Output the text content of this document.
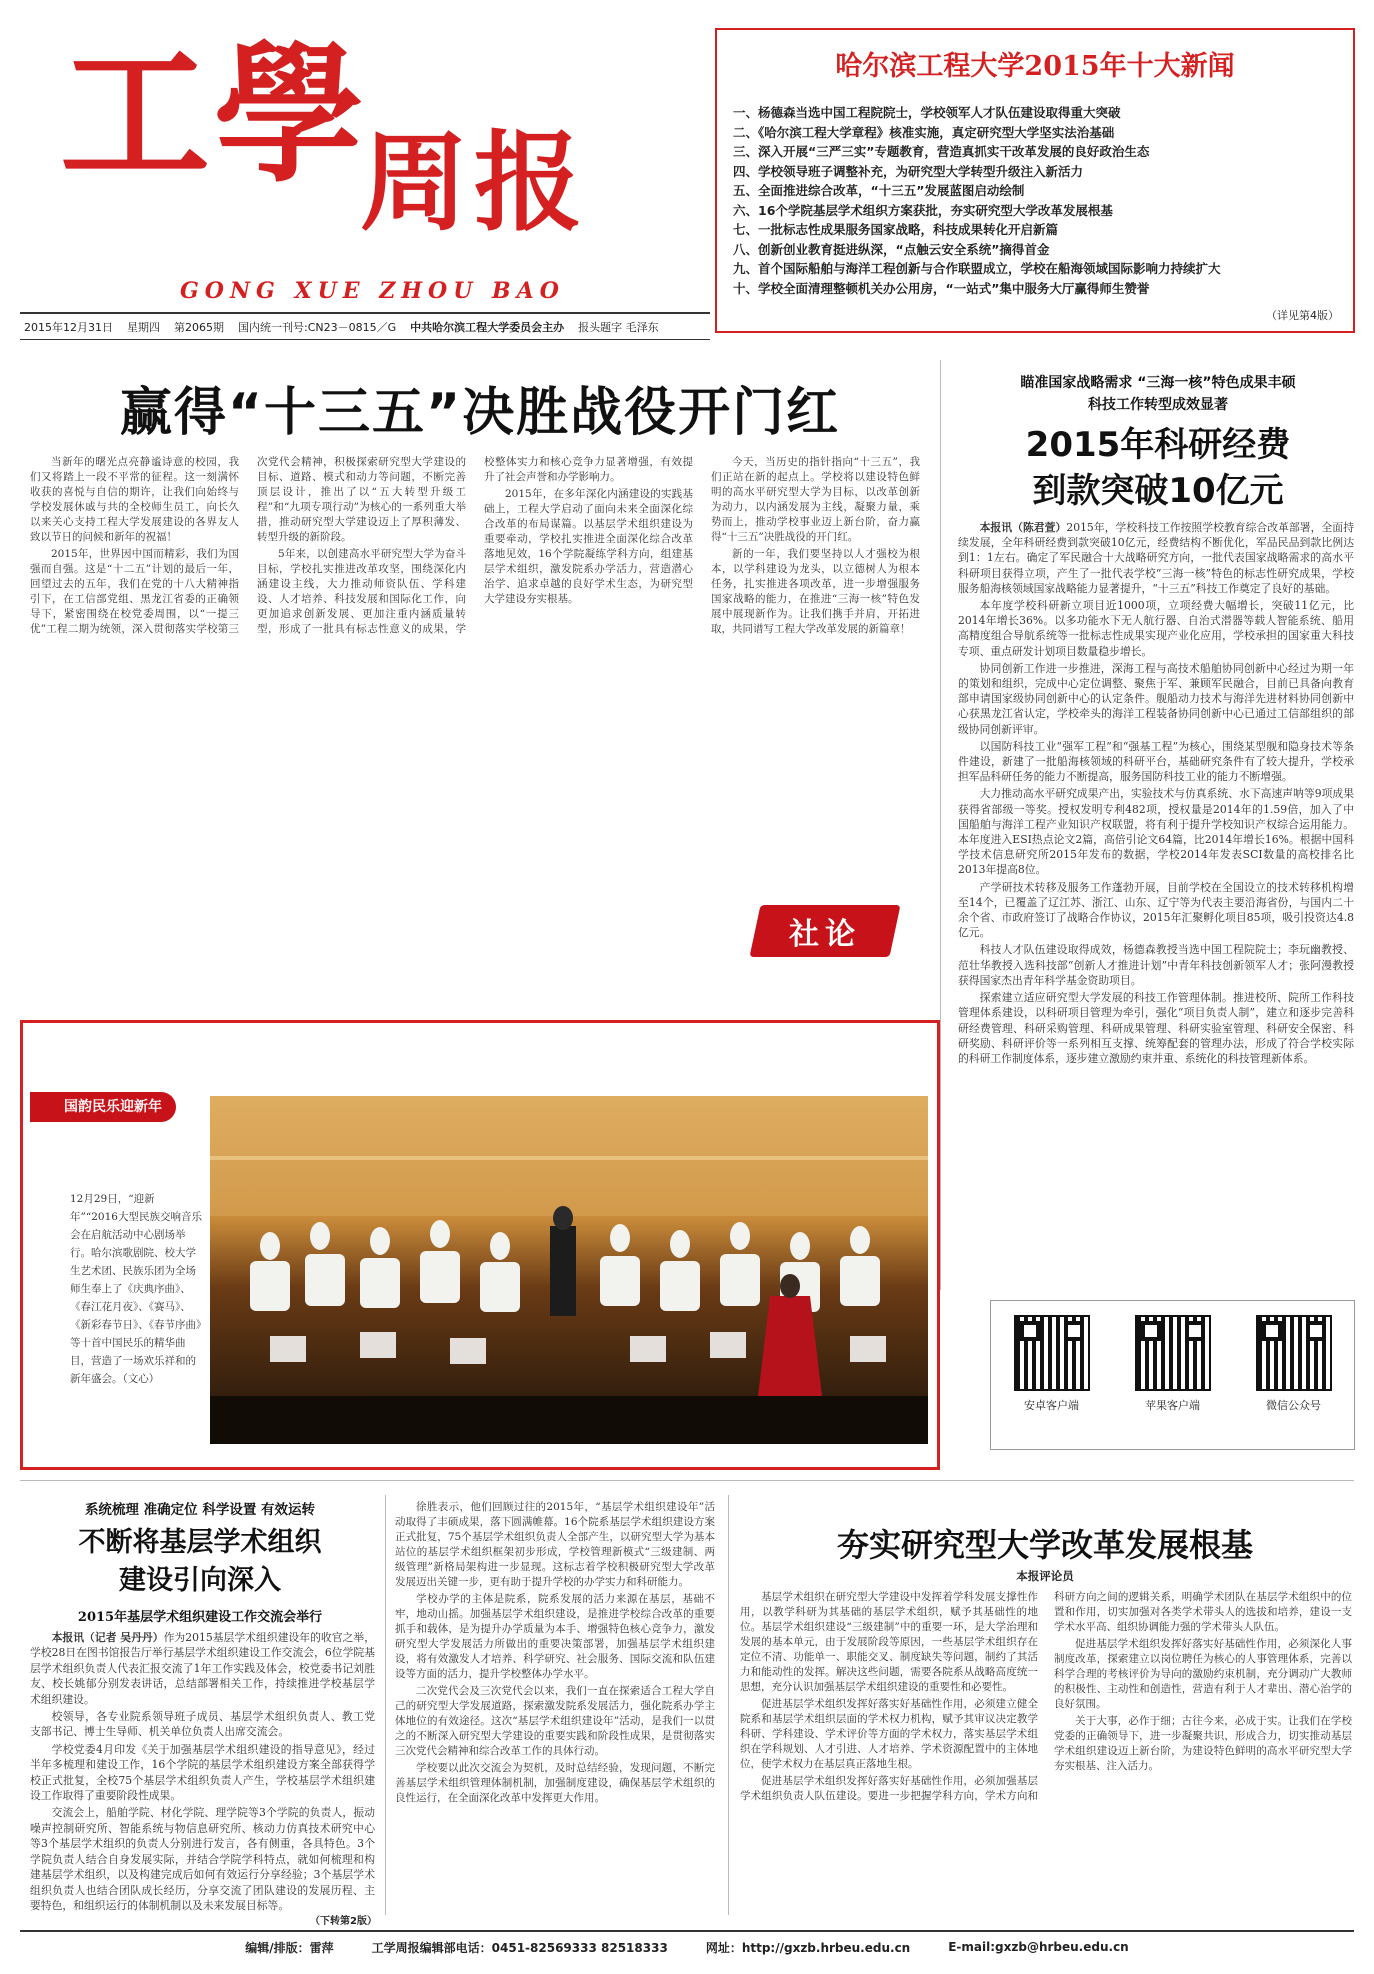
工學
周报
GONG XUE ZHOU BAO
2015年12月31日 星期四 第2065期 国内统一刊号:CN23－0815／G 中共哈尔滨工程大学委员会主办 报头题字 毛泽东
哈尔滨工程大学2015年十大新闻
一、杨德森当选中国工程院院士，学校领军人才队伍建设取得重大突破
二、《哈尔滨工程大学章程》核准实施，真定研究型大学坚实法治基础
三、深入开展“三严三实”专题教育，营造真抓实干改革发展的良好政治生态
四、学校领导班子调整补充，为研究型大学转型升级注入新活力
五、全面推进综合改革，“十三五”发展蓝图启动绘制
六、16个学院基层学术组织方案获批，夯实研究型大学改革发展根基
七、一批标志性成果服务国家战略，科技成果转化开启新篇
八、创新创业教育挺进纵深，“点触云安全系统”摘得首金
九、首个国际船舶与海洋工程创新与合作联盟成立，学校在船海领域国际影响力持续扩大
十、学校全面清理整顿机关办公用房，“一站式”集中服务大厅赢得师生赞誉
（详见第4版）
赢得“十三五”决胜战役开门红

当新年的曙光点亮静谧诗意的校园，我们又将踏上一段不平常的征程。这一刻满怀收获的喜悦与自信的期许，让我们向始终与学校发展休戚与共的全校师生员工，向长久以来关心支持工程大学发展建设的各界友人致以节日的问候和新年的祝福！

2015年，世界因中国而精彩，我们为国强而自强。这是“十二五”计划的最后一年，回望过去的五年，我们在党的十八大精神指引下，在工信部党组、黑龙江省委的正确领导下，紧密围绕在校党委周围，以“一提三优”工程二期为统领，深入贯彻落实学校第三次党代会精神，积极探索研究型大学建设的目标、道路、模式和动力等问题，不断完善顶层设计，推出了以“五大转型升级工程”和“九项专项行动”为核心的一系列重大举措，推动研究型大学建设迈上了厚积薄发、转型升级的新阶段。

5年来，以创建高水平研究型大学为奋斗目标，学校扎实推进改革攻坚，围绕深化内涵建设主线，大力推动师资队伍、学科建设、人才培养、科技发展和国际化工作，向更加追求创新发展、更加注重内涵质量转型，形成了一批具有标志性意义的成果，学校整体实力和核心竞争力显著增强，有效提升了社会声誉和办学影响力。

2015年，在多年深化内涵建设的实践基础上，工程大学启动了面向未来全面深化综合改革的布局谋篇。以基层学术组织建设为重要牵动，学校扎实推进全面深化综合改革落地见效，16个学院凝练学科方向，组建基层学术组织，激发院系办学活力，营造潜心治学、追求卓越的良好学术生态，为研究型大学建设夯实根基。

今天，当历史的指针指向“十三五”，我们正站在新的起点上。学校将以建设特色鲜明的高水平研究型大学为目标，以改革创新为动力，以内涵发展为主线，凝聚力量，乘势而上，推动学校事业迈上新台阶，奋力赢得“十三五”决胜战役的开门红。

新的一年，我们要坚持以人才强校为根本，以学科建设为龙头，以立德树人为根本任务，扎实推进各项改革，进一步增强服务国家战略的能力，在推进“三海一核”特色发展中展现新作为。让我们携手并肩，开拓进取，共同谱写工程大学改革发展的新篇章！

社论
瞄准国家战略需求 “三海一核”特色成果丰硕
科技工作转型成效显著
2015年科研经费
到款突破10亿元

本报讯（陈君萱）2015年，学校科技工作按照学校教育综合改革部署，全面持续发展，全年科研经费到款突破10亿元，经费结构不断优化，军品民品到款比例达到1：1左右。确定了军民融合十大战略研究方向，一批代表国家战略需求的高水平科研项目获得立项，产生了一批代表学校“三海一核”特色的标志性研究成果，学校服务船海核领域国家战略能力显著提升，“十三五”科技工作奠定了良好的基础。

本年度学校科研新立项目近1000项，立项经费大幅增长，突破11亿元，比2014年增长36%。以多功能水下无人航行器、自治式潜器等载人智能系统、船用高精度组合导航系统等一批标志性成果实现产业化应用，学校承担的国家重大科技专项、重点研发计划项目数量稳步增长。

协同创新工作进一步推进，深海工程与高技术船舶协同创新中心经过为期一年的策划和组织，完成中心定位调整、聚焦于军、兼顾军民融合，目前已具备向教育部申请国家级协同创新中心的认定条件。舰船动力技术与海洋先进材料协同创新中心获黑龙江省认定，学校牵头的海洋工程装备协同创新中心已通过工信部组织的部级协同创新评审。

以国防科技工业“强军工程”和“强基工程”为核心，围绕某型舰和隐身技术等条件建设，新建了一批船海核领域的科研平台，基础研究条件有了较大提升，学校承担军品科研任务的能力不断提高，服务国防科技工业的能力不断增强。

大力推动高水平研究成果产出，实验技术与仿真系统、水下高速声呐等9项成果获得省部级一等奖。授权发明专利482项，授权量是2014年的1.59倍，加入了中国船舶与海洋工程产业知识产权联盟，将有利于提升学校知识产权综合运用能力。本年度进入ESI热点论文2篇，高倍引论文64篇，比2014年增长16%。根据中国科学技术信息研究所2015年发布的数据，学校2014年发表SCI数量的高校排名比2013年提高8位。

产学研技术转移及服务工作蓬勃开展，目前学校在全国设立的技术转移机构增至14个，已覆盖了辽江苏、浙江、山东、辽宁等为代表主要沿海省份，与国内二十余个省、市政府签订了战略合作协议，2015年汇聚孵化项目85项，吸引投资达4.8亿元。

科技人才队伍建设取得成效，杨德森教授当选中国工程院院士；李玩幽教授、范壮华教授入选科技部“创新人才推进计划”中青年科技创新领军人才；张阿漫教授获得国家杰出青年科学基金资助项目。

探索建立适应研究型大学发展的科技工作管理体制。推进校所、院所工作科技管理体系建设，以科研项目管理为牵引，强化“项目负责人制”，建立和逐步完善科研经费管理、科研采购管理、科研成果管理、科研实验室管理、科研安全保密、科研奖励、科研评价等一系列相互支撑、统筹配套的管理办法，形成了符合学校实际的科研工作制度体系，逐步建立激励约束并重、系统化的科技管理新体系。

国韵民乐迎新年

12月29日，“迎新年”“2016大型民族交响音乐会在启航活动中心剧场举行。哈尔滨歌剧院、校大学生艺术团、民族乐团为全场师生奉上了《庆典序曲》、《春江花月夜》、《赛马》、《新彩春节日》、《春节序曲》等十首中国民乐的精华曲目，营造了一场欢乐祥和的新年盛会。（文心）

安卓客户端	苹果客户端	微信公众号
系统梳理 准确定位 科学设置 有效运转
不断将基层学术组织
建设引向深入
2015年基层学术组织建设工作交流会举行

本报讯（记者 吴丹丹）作为2015基层学术组织建设年的收官之举，学校28日在图书馆报告厅举行基层学术组织建设工作交流会，6位学院基层学术组织负责人代表汇报交流了1年工作实践及体会，校党委书记刘胜友、校长姚郁分别发表讲话，总结部署相关工作，持续推进学校基层学术组织建设。

校领导，各专业院系领导班子成员、基层学术组织负责人、教工党支部书记、博士生导师、机关单位负责人出席交流会。

学校党委4月印发《关于加强基层学术组织建设的指导意见》，经过半年多梳理和建设工作，16个学院的基层学术组织建设方案全部获得学校正式批复，全校75个基层学术组织负责人产生，学校基层学术组织建设工作取得了重要阶段性成果。

交流会上，船舶学院、材化学院、理学院等3个学院的负责人，振动噪声控制研究所、智能系统与物信息研究所、核动力仿真技术研究中心等3个基层学术组织的负责人分别进行发言，各有侧重，各具特色。3个学院负责人结合自身发展实际，并结合学院学科特点，就如何梳理和构建基层学术组织，以及构建完成后如何有效运行分享经验；3个基层学术组织负责人也结合团队成长经历，分享交流了团队建设的发展历程、主要特色，和组织运行的体制机制以及未来发展目标等。

徐胜表示，他们回顾过往的2015年，“基层学术组织建设年”活动取得了丰硕成果，落下圆满帷幕。16个院系基层学术组织建设方案正式批复，75个基层学术组织负责人全部产生，以研究型大学为基本站位的基层学术组织框架初步形成，学校管理新模式“三级建制、两级管理”新格局架构进一步显现。这标志着学校积极研究型大学改革发展迈出关键一步，更有助于提升学校的办学实力和科研能力。

学校办学的主体是院系，院系发展的活力来源在基层，基础不牢，地动山摇。加强基层学术组织建设，是推进学校综合改革的重要抓手和载体，是为提升办学质量为本手、增强特色核心竞争力，激发研究型大学发展活力所做出的重要决策部署，加强基层学术组织建设，将有效激发人才培养、科学研究、社会服务、国际交流和队伍建设等方面的活力，提升学校整体办学水平。

二次党代会及三次党代会以来，我们一直在探索适合工程大学自己的研究型大学发展道路，探索激发院系发展活力，强化院系办学主体地位的有效途径。这次“基层学术组织建设年”活动，是我们一以贯之的不断深入研究型大学建设的重要实践和阶段性成果，是贯彻落实三次党代会精神和综合改革工作的具体行动。

学校要以此次交流会为契机，及时总结经验，发现问题，不断完善基层学术组织管理体制机制，加强制度建设，确保基层学术组织的良性运行，在全面深化改革中发挥更大作用。

（下转第2版）
夯实研究型大学改革发展根基
本报评论员

基层学术组织在研究型大学建设中发挥着学科发展支撑性作用，以教学科研为其基础的基层学术组织，赋予其基础性的地位。基层学术组织建设“三级建制”中的重要一环，是大学治理和发展的基本单元，由于发展阶段等原因，一些基层学术组织存在定位不清、功能单一、职能交叉、制度缺失等问题，制约了其活力和能动性的发挥。解决这些问题，需要各院系从战略高度统一思想，充分认识加强基层学术组织建设的重要性和必要性。

促进基层学术组织发挥好落实好基础性作用，必须建立健全院系和基层学术组织层面的学术权力机构，赋予其审议决定教学科研、学科建设、学术评价等方面的学术权力，落实基层学术组织在学科规划、人才引进、人才培养、学术资源配置中的主体地位，使学术权力在基层真正落地生根。

促进基层学术组织发挥好落实好基础性作用，必须加强基层学术组织负责人队伍建设。要进一步把握学科方向，学术方向和科研方向之间的逻辑关系，明确学术团队在基层学术组织中的位置和作用，切实加强对各类学术带头人的选拔和培养，建设一支学术水平高、组织协调能力强的学术带头人队伍。

促进基层学术组织发挥好落实好基础性作用，必须深化人事制度改革，探索建立以岗位聘任为核心的人事管理体系，完善以科学合理的考核评价为导向的激励约束机制，充分调动广大教师的积极性、主动性和创造性，营造有利于人才辈出、潜心治学的良好氛围。

关于大事，必作于细；古往今来，必成于实。让我们在学校党委的正确领导下，进一步凝聚共识，形成合力，切实推动基层学术组织建设迈上新台阶，为建设特色鲜明的高水平研究型大学夯实根基、注入活力。

编辑/排版：雷萍	工学周报编辑部电话：0451-82569333 82518333	网址：http://gxzb.hrbeu.edu.cn	E-mail:gxzb@hrbeu.edu.cn
